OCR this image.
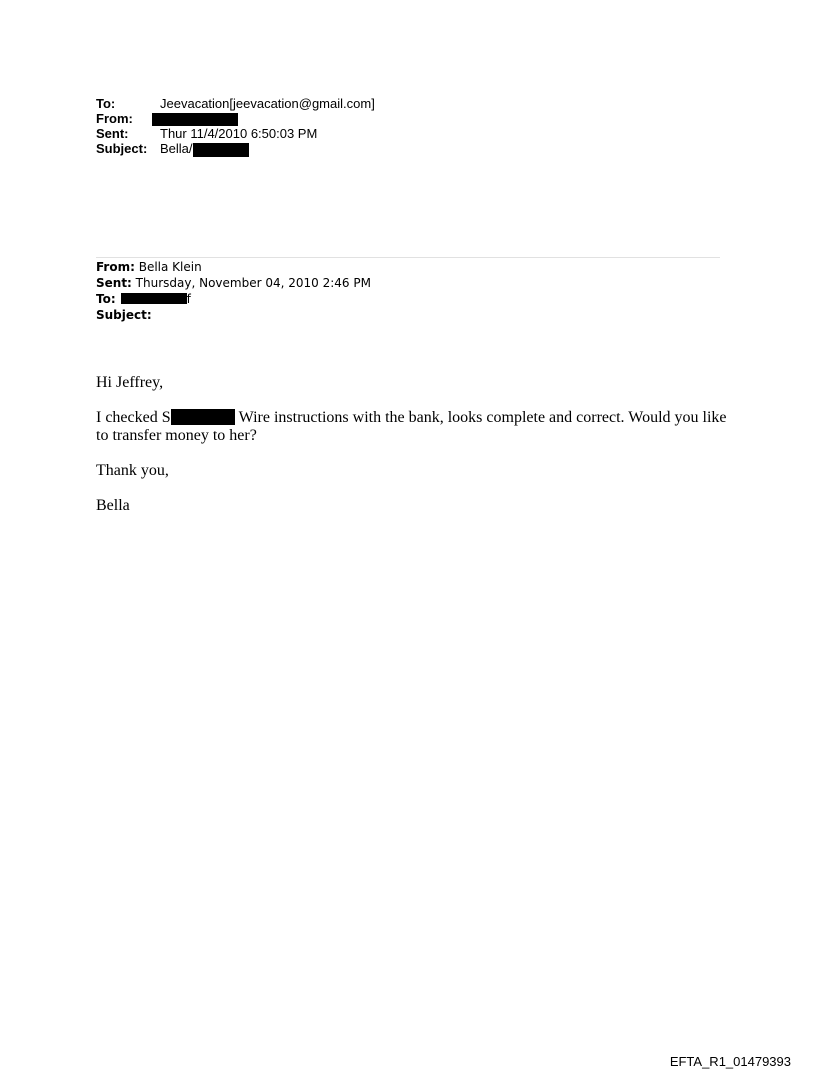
To:	Jeevacation[jeevacation@gmail.com]
From:
Sent:	Thur 11/4/2010 6:50:03 PM
Subject: Bella/
From: Bella Klein
Sent: Thursday, November 04, 2010 2:46 PM
To:	f
Subject:

Hi Jeffrey,

I checked S	Wire instructions with the bank, looks complete and correct. Would you like to transfer money to her?

Thank you,

Bella

EFTA_R1_01479393
